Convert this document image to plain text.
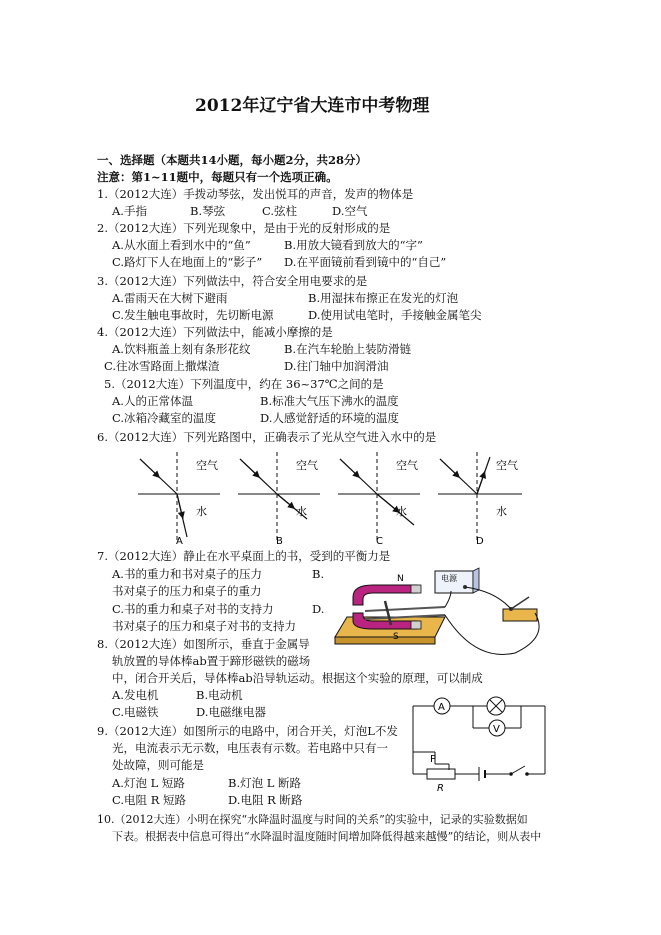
2012年辽宁省大连市中考物理
一、选择题（本题共14小题，每小题2分，共28分）
注意：第1~11题中，每题只有一个选项正确。
1.（2012大连）手拨动琴弦，发出悦耳的声音，发声的物体是
A.手指	B.琴弦	C.弦柱	D.空气
2.（2012大连）下列光现象中，是由于光的反射形成的是
A.从水面上看到水中的“鱼”	B.用放大镜看到放大的“字”
C.路灯下人在地面上的“影子” D.在平面镜前看到镜中的“自己”
3.（2012大连）下列做法中，符合安全用电要求的是
A.雷雨天在大树下避雨	B.用湿抹布擦正在发光的灯泡
C.发生触电事故时，先切断电源	D.使用试电笔时，手接触金属笔尖
4.（2012大连）下列做法中，能减小摩擦的是
A.饮料瓶盖上刻有条形花纹	B.在汽车轮胎上装防滑链
C.往冰雪路面上撒煤渣	D.往门轴中加润滑油
5.（2012大连）下列温度中，约在 36~37℃之间的是
A.人的正常体温	B.标准大气压下沸水的温度
C.冰箱冷藏室的温度	D.人感觉舒适的环境的温度
6.（2012大连）下列光路图中，正确表示了光从空气进入水中的是
空气
水
A
空气
水
B
空气
水
C
空气
水
D
7.（2012大连）静止在水平桌面上的书，受到的平衡力是
A.书的重力和书对桌子的压力	B.
书对桌子的压力和桌子的重力
C.书的重力和桌子对书的支持力	D.
书对桌子的压力和桌子对书的支持力
N
S
电源
8.（2012大连）如图所示，垂直于金属导
轨放置的导体棒ab置于蹄形磁铁的磁场
中，闭合开关后，导体棒ab沿导轨运动。根据这个实验的原理，可以制成
A.发电机	B.电动机
C.电磁铁	D.电磁继电器	A
V
P
R
9.（2012大连）如图所示的电路中，闭合开关，灯泡L不发
光，电流表示无示数，电压表有示数。若电路中只有一
处故障，则可能是
A.灯泡 L 短路	B.灯泡 L 断路
C.电阻 R 短路	D.电阻 R 断路
10.（2012大连）小明在探究“水降温时温度与时间的关系”的实验中，记录的实验数据如
下表。根据表中信息可得出“水降温时温度随时间增加降低得越来越慢”的结论，则从表中
